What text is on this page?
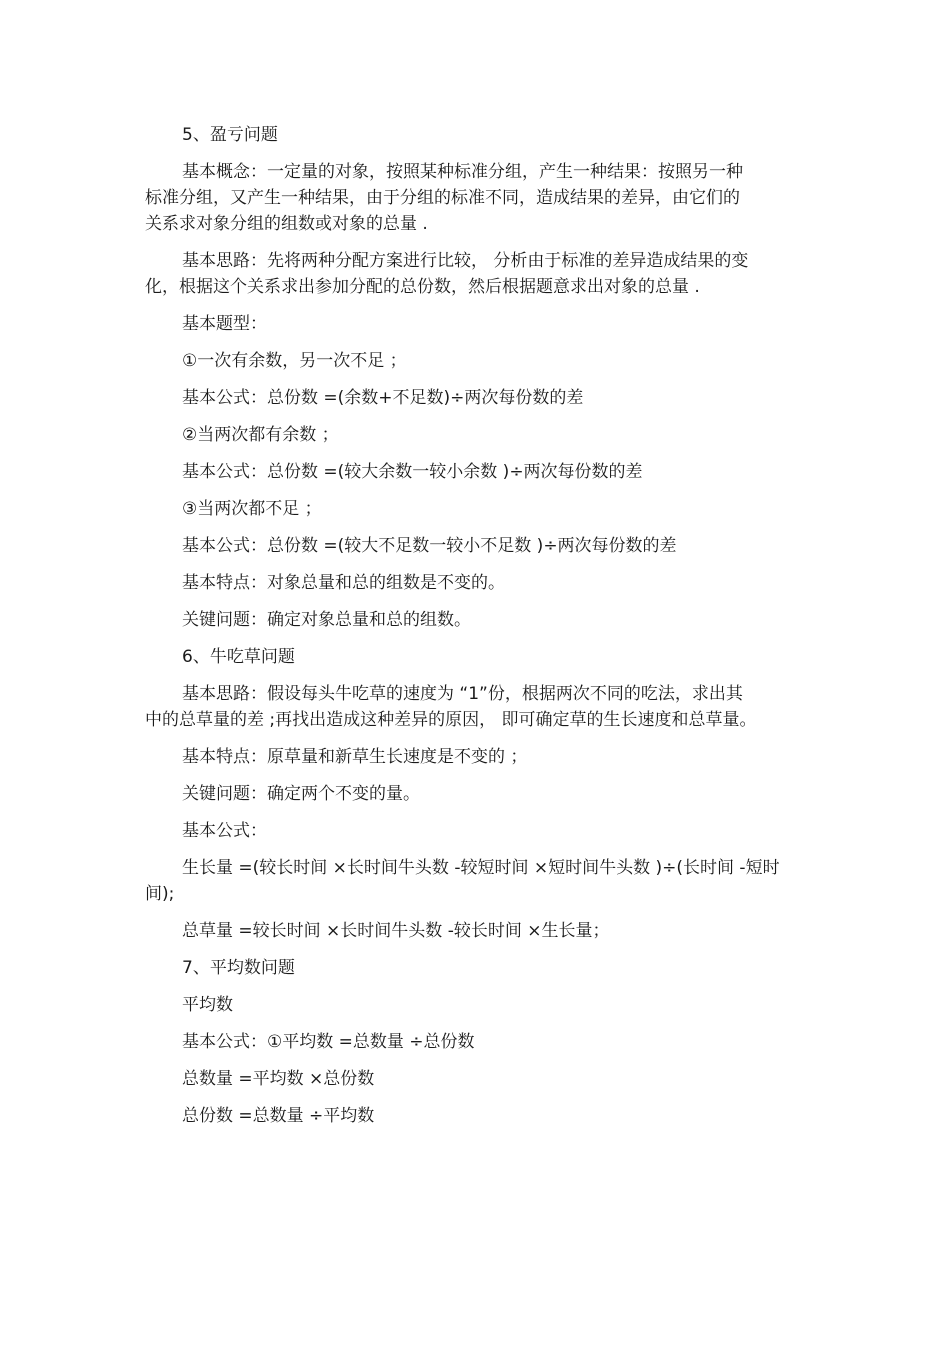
5、盈亏问题
基本概念：一定量的对象，按照某种标准分组，产生一种结果：按照另一种
标准分组，又产生一种结果，由于分组的标准不同，造成结果的差异，由它们的
关系求对象分组的组数或对象的总量 .
基本思路：先将两种分配方案进行比较， 分析由于标准的差异造成结果的变
化，根据这个关系求出参加分配的总份数，然后根据题意求出对象的总量 .
基本题型：
①一次有余数，另一次不足 ；
基本公式：总份数 =(余数+不足数)÷两次每份数的差
②当两次都有余数 ；
基本公式：总份数 =(较大余数一较小余数 )÷两次每份数的差
③当两次都不足 ；
基本公式：总份数 =(较大不足数一较小不足数 )÷两次每份数的差
基本特点：对象总量和总的组数是不变的。
关键问题：确定对象总量和总的组数。
6、牛吃草问题
基本思路：假设每头牛吃草的速度为 “1”份，根据两次不同的吃法，求出其
中的总草量的差 ;再找出造成这种差异的原因， 即可确定草的生长速度和总草量。
基本特点：原草量和新草生长速度是不变的 ；
关键问题：确定两个不变的量。
基本公式：
生长量 =(较长时间 ×长时间牛头数 -较短时间 ×短时间牛头数 )÷(长时间 -短时
间);
总草量 =较长时间 ×长时间牛头数 -较长时间 ×生长量；
7、平均数问题
平均数
基本公式：①平均数 =总数量 ÷总份数
总数量 =平均数 ×总份数
总份数 =总数量 ÷平均数
